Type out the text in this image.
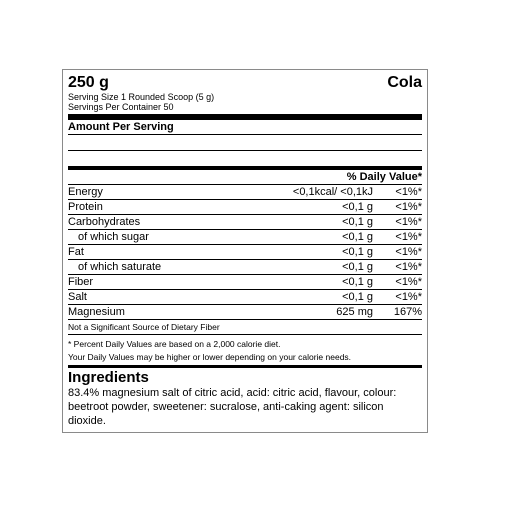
250 g	Cola
Serving Size 1 Rounded Scoop (5 g)
Servings Per Container 50
Amount Per Serving
% Daily Value*
Energy	<0,1kcal/ <0,1kJ <1%*
Protein	<0,1 g <1%*
Carbohydrates	<0,1 g <1%*
of which sugar	<0,1 g <1%*
Fat	<0,1 g <1%*
of which saturate	<0,1 g <1%*
Fiber	<0,1 g <1%*
Salt	<0,1 g <1%*
Magnesium	625 mg 167%
Not a Significant Source of Dietary Fiber
* Percent Daily Values are based on a 2,000 calorie diet.
Your Daily Values may be higher or lower depending on your calorie needs.
Ingredients
83.4% magnesium salt of citric acid, acid: citric acid, flavour, colour: beetroot powder, sweetener: sucralose, anti-caking agent: silicon dioxide.
